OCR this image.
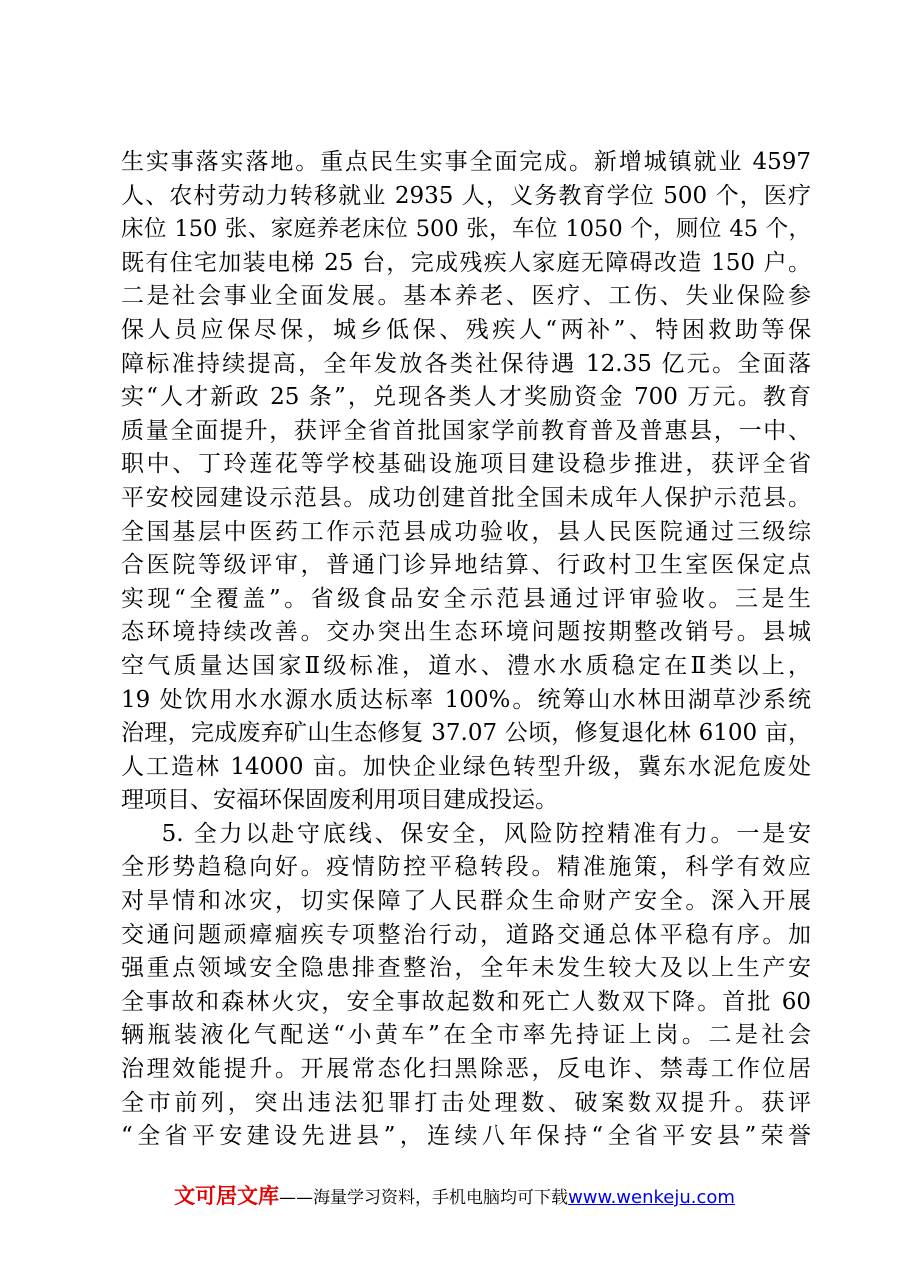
生实事落实落地。重点民生实事全面完成。新增城镇就业 4597
人、农村劳动力转移就业 2935 人，义务教育学位 500 个，医疗
床位 150 张、家庭养老床位 500 张，车位 1050 个，厕位 45 个，
既有住宅加装电梯 25 台，完成残疾人家庭无障碍改造 150 户。
二是社会事业全面发展。基本养老、医疗、工伤、失业保险参
保人员应保尽保，城乡低保、残疾人“两补”、特困救助等保
障标准持续提高，全年发放各类社保待遇 12.35 亿元。全面落
实“人才新政 25 条”，兑现各类人才奖励资金 700 万元。教育
质量全面提升，获评全省首批国家学前教育普及普惠县，一中、
职中、丁玲莲花等学校基础设施项目建设稳步推进，获评全省
平安校园建设示范县。成功创建首批全国未成年人保护示范县。
全国基层中医药工作示范县成功验收，县人民医院通过三级综
合医院等级评审，普通门诊异地结算、行政村卫生室医保定点
实现“全覆盖”。省级食品安全示范县通过评审验收。三是生
态环境持续改善。交办突出生态环境问题按期整改销号。县城
空气质量达国家Ⅱ级标准，道水、澧水水质稳定在Ⅱ类以上，
19 处饮用水水源水质达标率 100%。统筹山水林田湖草沙系统
治理，完成废弃矿山生态修复 37.07 公顷，修复退化林 6100 亩，
人工造林 14000 亩。加快企业绿色转型升级，冀东水泥危废处
理项目、安福环保固废利用项目建成投运。
5. 全力以赴守底线、保安全，风险防控精准有力。一是安
全形势趋稳向好。疫情防控平稳转段。精准施策，科学有效应
对旱情和冰灾，切实保障了人民群众生命财产安全。深入开展
交通问题顽瘴痼疾专项整治行动，道路交通总体平稳有序。加
强重点领域安全隐患排查整治，全年未发生较大及以上生产安
全事故和森林火灾，安全事故起数和死亡人数双下降。首批 60
辆瓶装液化气配送“小黄车”在全市率先持证上岗。二是社会
治理效能提升。开展常态化扫黑除恶，反电诈、禁毒工作位居
全市前列，突出违法犯罪打击处理数、破案数双提升。获评
“全省平安建设先进县”，连续八年保持“全省平安县”荣誉
文可居文库——海量学习资料，手机电脑均可下载www.wenkeju.com
